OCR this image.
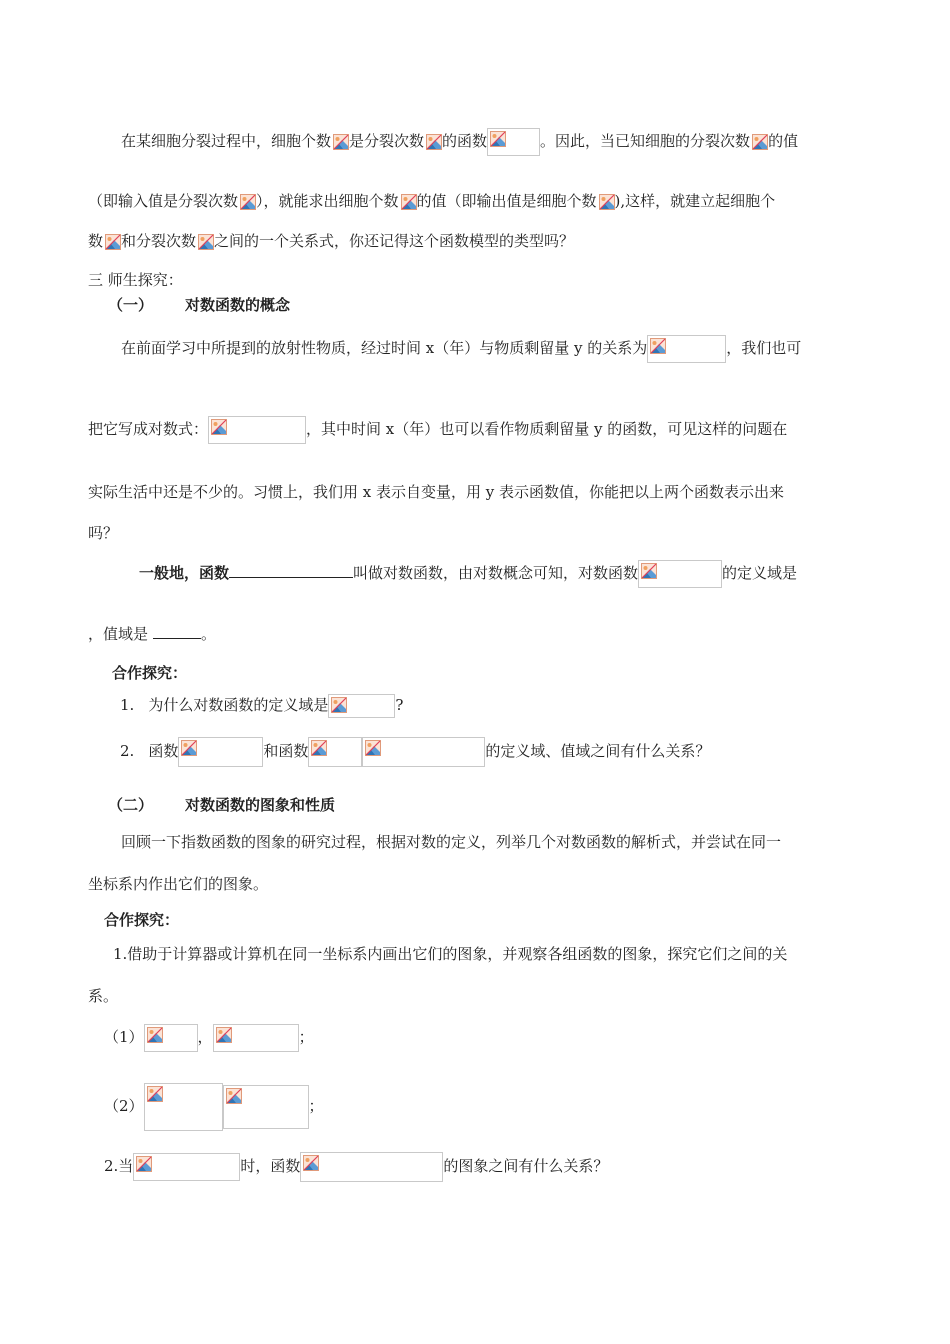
在某细胞分裂过程中，细胞个数 是分裂次数 的函数	。因此，当已知细胞的分裂次数 的值
（即输入值是分裂次数 ），就能求出细胞个数 的值（即输出值是细胞个数 ),这样，就建立起细胞个
数 和分裂次数 之间的一个关系式，你还记得这个函数模型的类型吗？
三 师生探究：
（一） 对数函数的概念
在前面学习中所提到的放射性物质，经过时间 x（年）与物质剩留量 y 的关系为	，我们也可
把它写成对数式：	，其中时间 x（年）也可以看作物质剩留量 y 的函数，可见这样的问题在
实际生活中还是不少的。习惯上，我们用 x 表示自变量，用 y 表示函数值，你能把以上两个函数表示出来
吗？
一般地，函数	叫做对数函数，由对数概念可知，对数函数	的定义域是
，值域是	。
合作探究：
1. 为什么对数函数的定义域是	?
2. 函数	和函数	的定义域、值域之间有什么关系？
（二） 对数函数的图象和性质
回顾一下指数函数的图象的研究过程，根据对数的定义，列举几个对数函数的解析式，并尝试在同一
坐标系内作出它们的图象。
合作探究：
1.借助于计算器或计算机在同一坐标系内画出它们的图象，并观察各组函数的图象，探究它们之间的关
系。
（1）	，	；
（2）	；
2.当	时，函数	的图象之间有什么关系？
